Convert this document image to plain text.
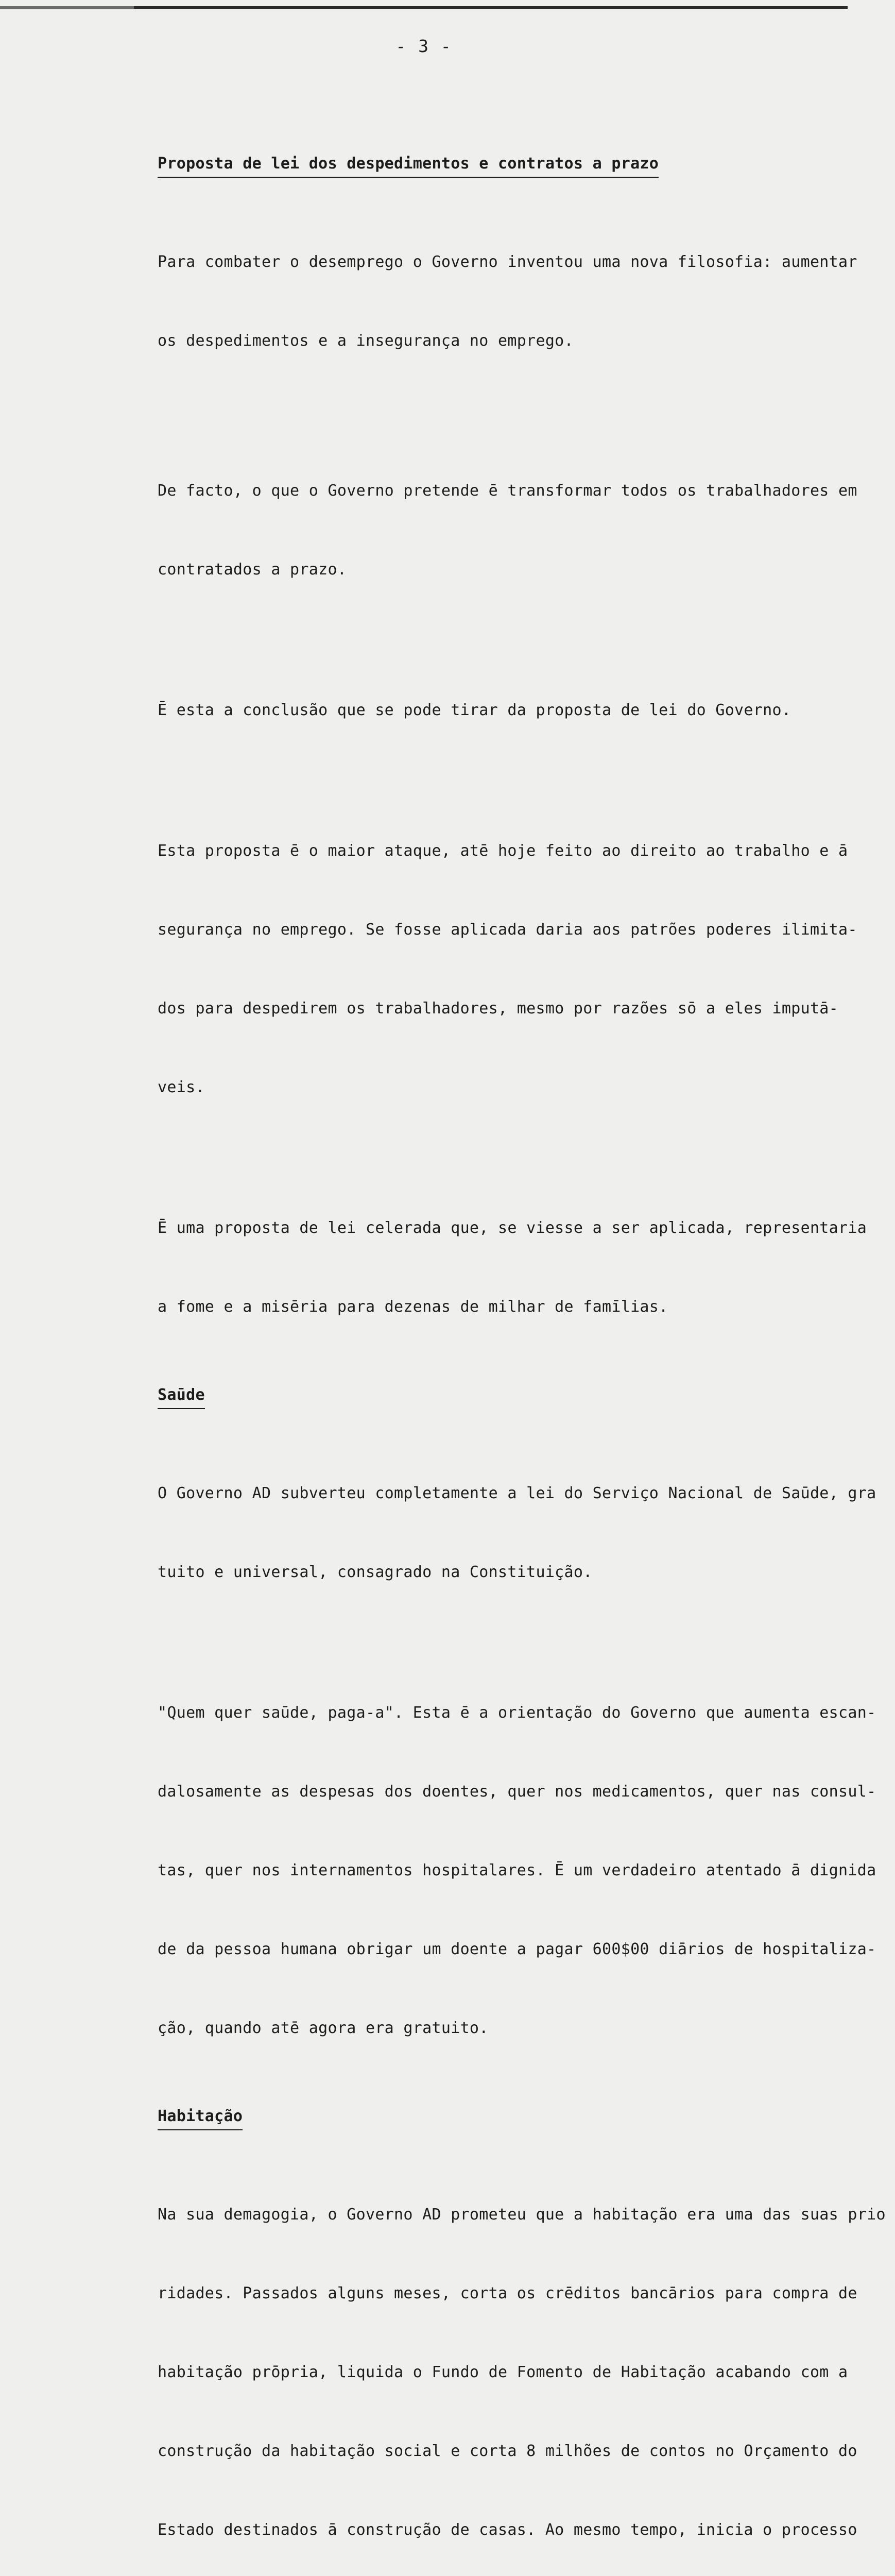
- 3 -
Proposta de lei dos despedimentos e contratos a prazo

Para combater o desemprego o Governo inventou uma nova filosofia: aumentar

os despedimentos e a insegurança no emprego.

De facto, o que o Governo pretende ē transformar todos os trabalhadores em

contratados a prazo.

Ē esta a conclusão que se pode tirar da proposta de lei do Governo.

Esta proposta ē o maior ataque, atē hoje feito ao direito ao trabalho e ā

segurança no emprego. Se fosse aplicada daria aos patrões poderes ilimita-

dos para despedirem os trabalhadores, mesmo por razões sō a eles imputā-

veis.

Ē uma proposta de lei celerada que, se viesse a ser aplicada, representaria

a fome e a misēria para dezenas de milhar de famīlias.

Saūde

O Governo AD subverteu completamente a lei do Serviço Nacional de Saūde, gra

tuito e universal, consagrado na Constituição.

"Quem quer saūde, paga-a". Esta ē a orientação do Governo que aumenta escan-

dalosamente as despesas dos doentes, quer nos medicamentos, quer nas consul-

tas, quer nos internamentos hospitalares. Ē um verdadeiro atentado ā dignida

de da pessoa humana obrigar um doente a pagar 600$00 diārios de hospitaliza-

ção, quando atē agora era gratuito.

Habitação

Na sua demagogia, o Governo AD prometeu que a habitação era uma das suas prio

ridades. Passados alguns meses, corta os crēditos bancārios para compra de

habitação prōpria, liquida o Fundo de Fomento de Habitação acabando com a

construção da habitação social e corta 8 milhões de contos no Orçamento do

Estado destinados ā construção de casas. Ao mesmo tempo, inicia o processo
